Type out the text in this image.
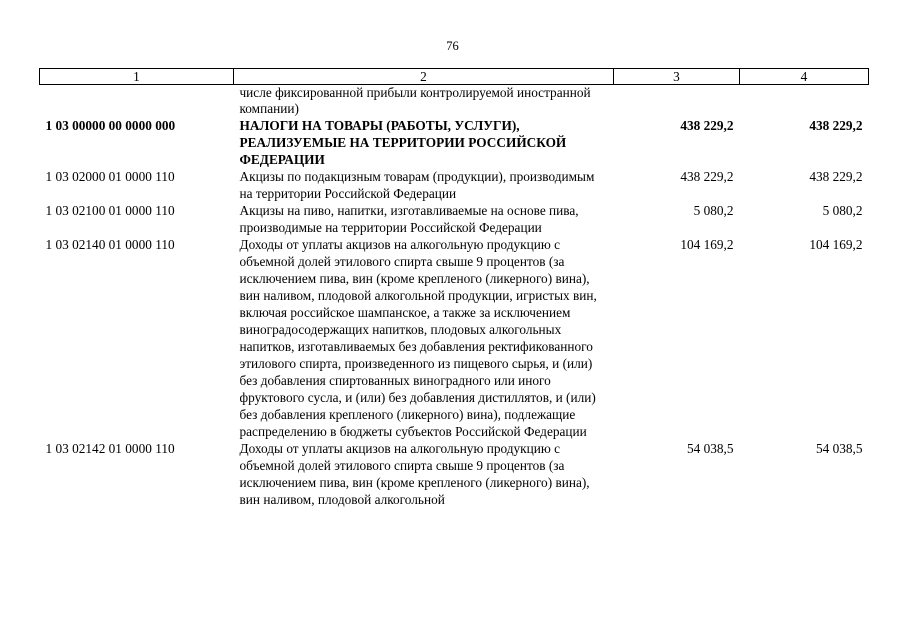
76
1	2	3	4
	числе фиксированной прибыли контролируемой иностранной компании)		
1 03 00000 00 0000 000	НАЛОГИ НА ТОВАРЫ (РАБОТЫ, УСЛУГИ), РЕАЛИЗУЕМЫЕ НА ТЕРРИТОРИИ РОССИЙСКОЙ ФЕДЕРАЦИИ	438 229,2	438 229,2
1 03 02000 01 0000 110	Акцизы по подакцизным товарам (продукции), производимым на территории Российской Федерации	438 229,2	438 229,2
1 03 02100 01 0000 110	Акцизы на пиво, напитки, изготавливаемые на основе пива, производимые на территории Российской Федерации	5 080,2	5 080,2
1 03 02140 01 0000 110	Доходы от уплаты акцизов на алкогольную продукцию с объемной долей этилового спирта свыше 9 процентов (за исключением пива, вин (кроме крепленого (ликерного) вина), вин наливом, плодовой алкогольной продукции, игристых вин, включая российское шампанское, а также за исключением виноградосодержащих напитков, плодовых алкогольных напитков, изготавливаемых без добавления ректификованного этилового спирта, произведенного из пищевого сырья, и (или) без добавления спиртованных виноградного или иного фруктового сусла, и (или) без добавления дистиллятов, и (или) без добавления крепленого (ликерного) вина), подлежащие распределению в бюджеты субъектов Российской Федерации	104 169,2	104 169,2
1 03 02142 01 0000 110	Доходы от уплаты акцизов на алкогольную продукцию с объемной долей этилового спирта свыше 9 процентов (за исключением пива, вин (кроме крепленого (ликерного) вина), вин наливом, плодовой алкогольной	54 038,5	54 038,5
